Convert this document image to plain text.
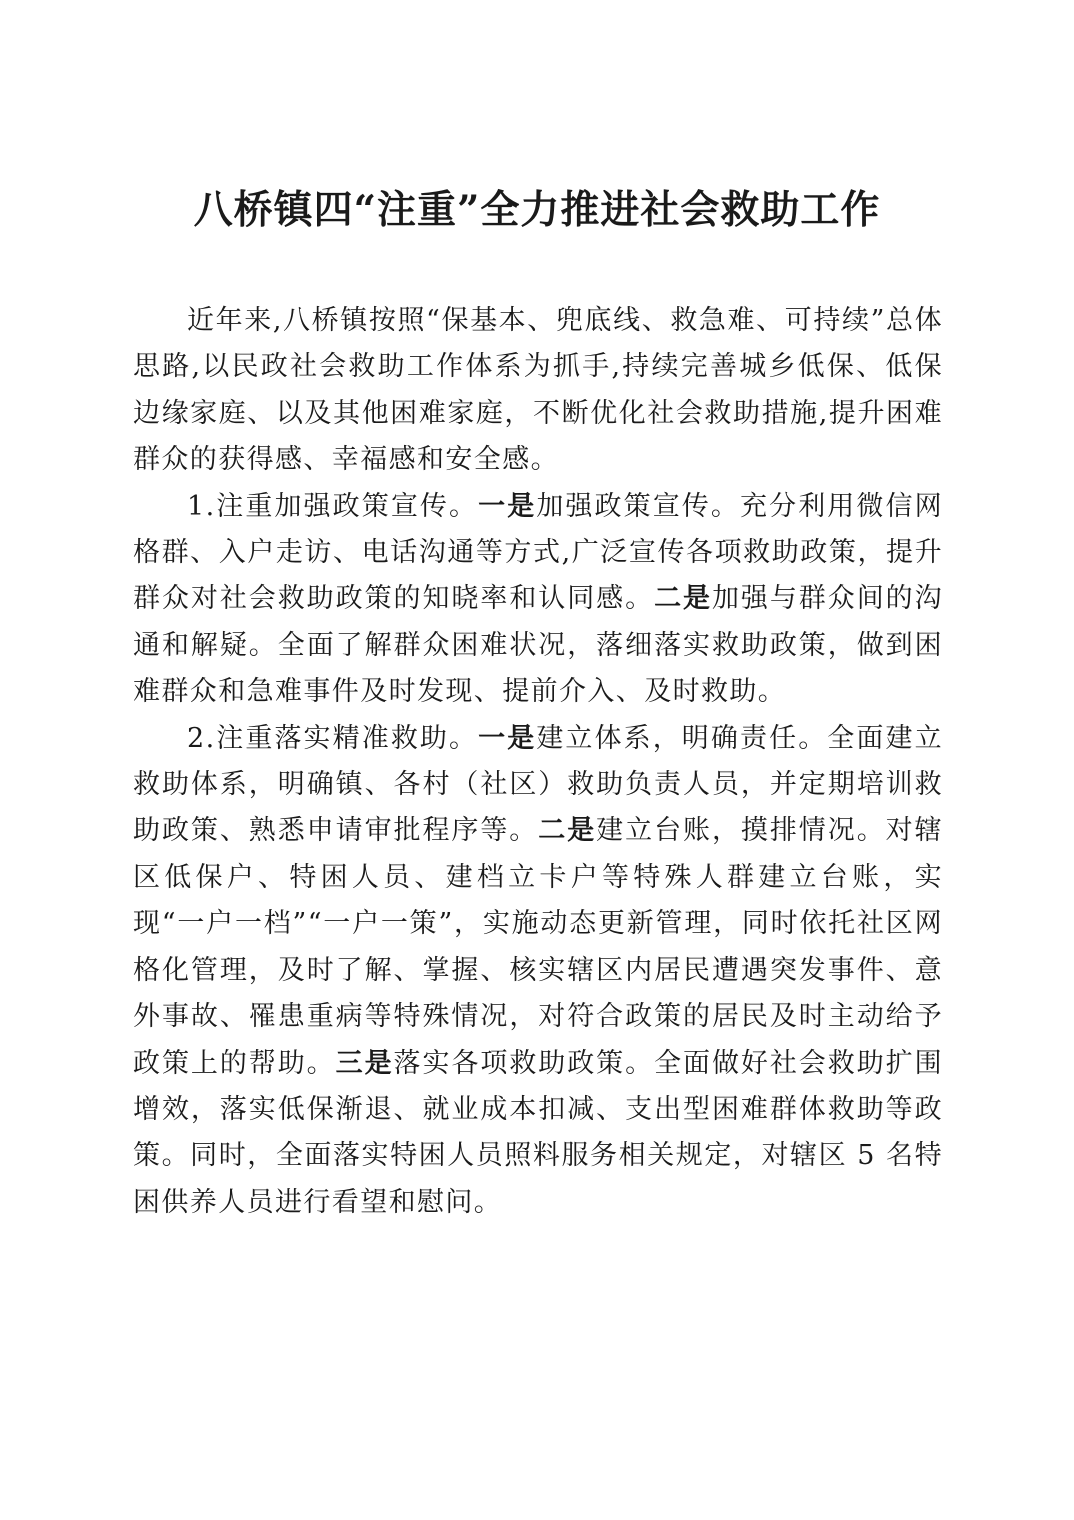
八桥镇四“注重”全力推进社会救助工作

近年来,八桥镇按照“保基本、兜底线、救急难、可持续”总体思路,以民政社会救助工作体系为抓手,持续完善城乡低保、低保边缘家庭、以及其他困难家庭，不断优化社会救助措施,提升困难群众的获得感、幸福感和安全感。

1.注重加强政策宣传。一是加强政策宣传。充分利用微信网格群、入户走访、电话沟通等方式,广泛宣传各项救助政策，提升群众对社会救助政策的知晓率和认同感。二是加强与群众间的沟通和解疑。全面了解群众困难状况，落细落实救助政策，做到困难群众和急难事件及时发现、提前介入、及时救助。

2.注重落实精准救助。一是建立体系，明确责任。全面建立救助体系，明确镇、各村（社区）救助负责人员，并定期培训救助政策、熟悉申请审批程序等。二是建立台账，摸排情况。对辖区低保户、特困人员、建档立卡户等特殊人群建立台账，实现“一户一档”“一户一策”，实施动态更新管理，同时依托社区网格化管理，及时了解、掌握、核实辖区内居民遭遇突发事件、意外事故、罹患重病等特殊情况，对符合政策的居民及时主动给予政策上的帮助。三是落实各项救助政策。全面做好社会救助扩围增效，落实低保渐退、就业成本扣减、支出型困难群体救助等政策。同时，全面落实特困人员照料服务相关规定，对辖区 5 名特困供养人员进行看望和慰问。
